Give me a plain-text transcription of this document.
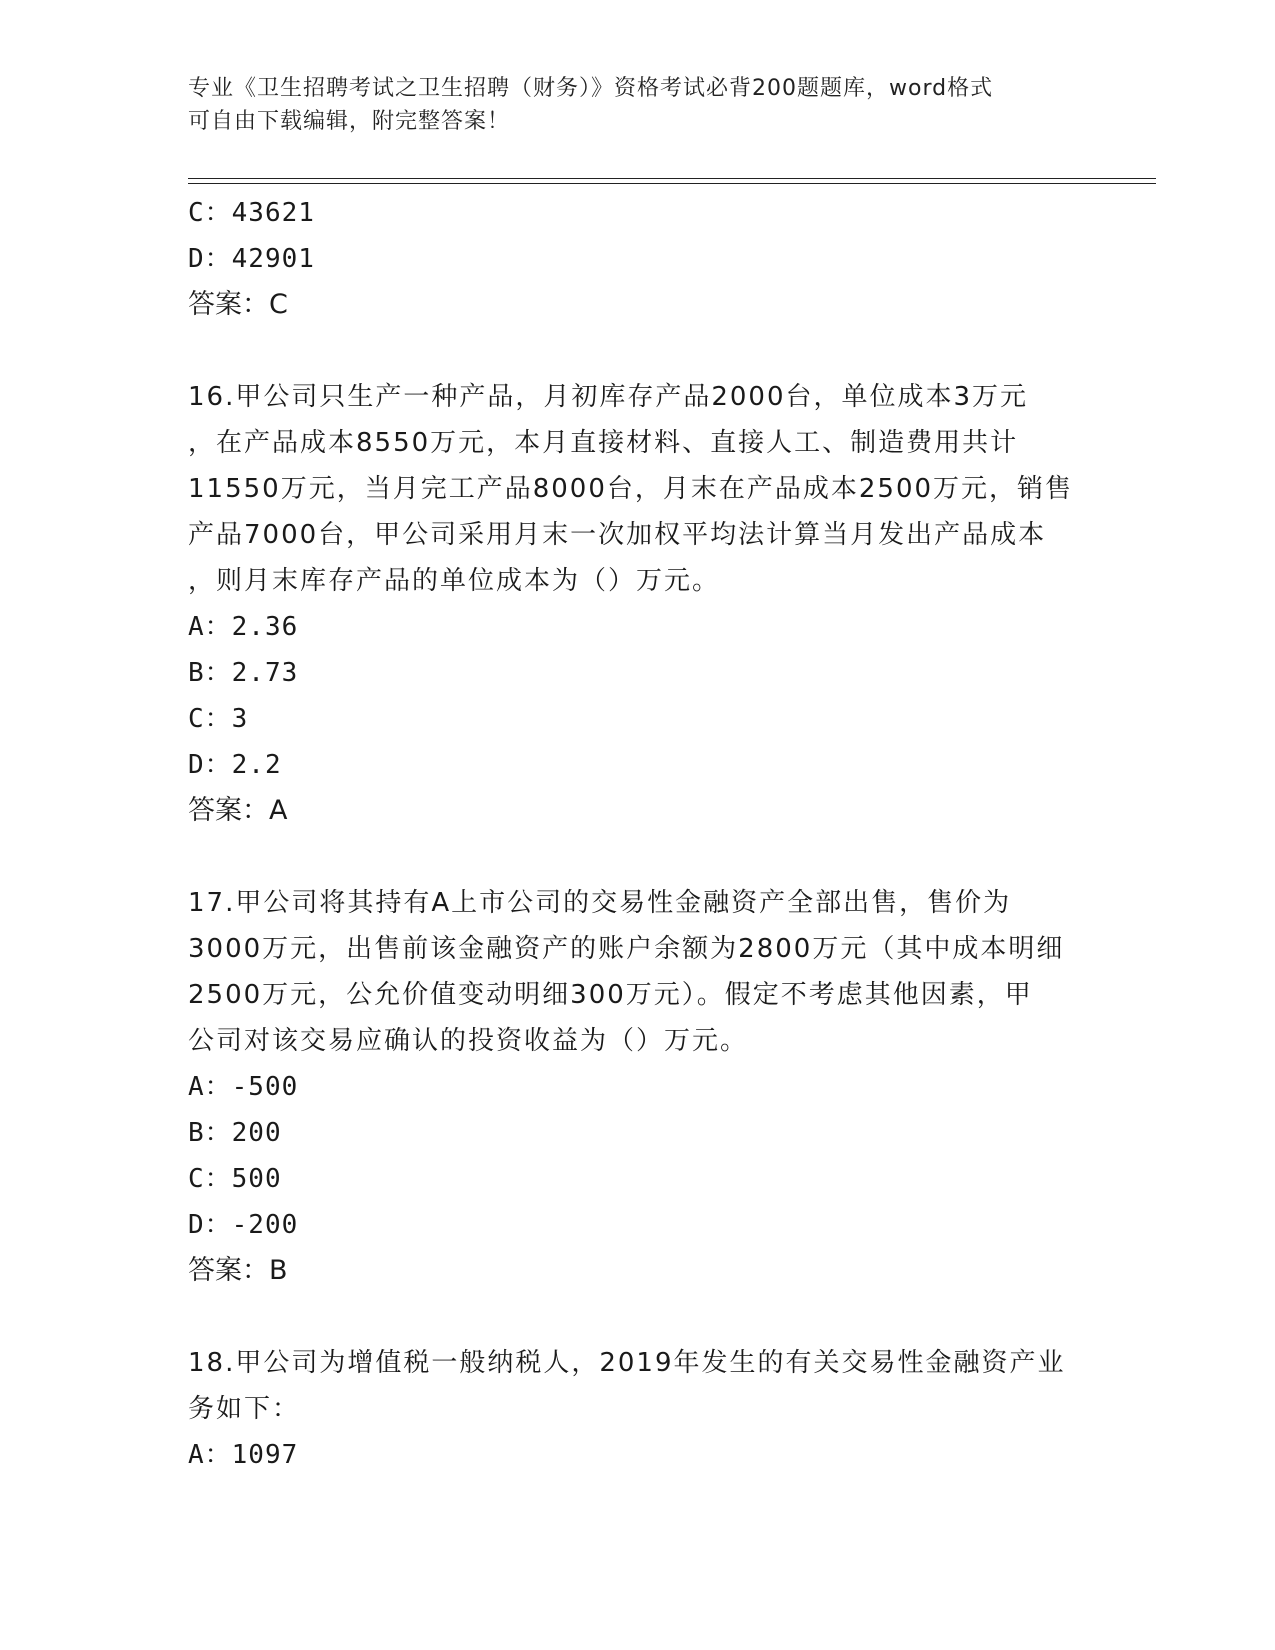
专业《卫生招聘考试之卫生招聘（财务）》资格考试必背200题题库，word格式
可自由下载编辑，附完整答案！
C：43621
D：42901
答案：C
16.甲公司只生产一种产品，月初库存产品2000台，单位成本3万元
，在产品成本8550万元，本月直接材料、直接人工、制造费用共计
11550万元，当月完工产品8000台，月末在产品成本2500万元，销售
产品7000台，甲公司采用月末一次加权平均法计算当月发出产品成本
，则月末库存产品的单位成本为（）万元。
A：2.36
B：2.73
C：3
D：2.2
答案：A
17.甲公司将其持有A上市公司的交易性金融资产全部出售，售价为
3000万元，出售前该金融资产的账户余额为2800万元（其中成本明细
2500万元，公允价值变动明细300万元）。假定不考虑其他因素，甲
公司对该交易应确认的投资收益为（）万元。
A：-500
B：200
C：500
D：-200
答案：B
18.甲公司为增值税一般纳税人，2019年发生的有关交易性金融资产业
务如下：
A：1097
